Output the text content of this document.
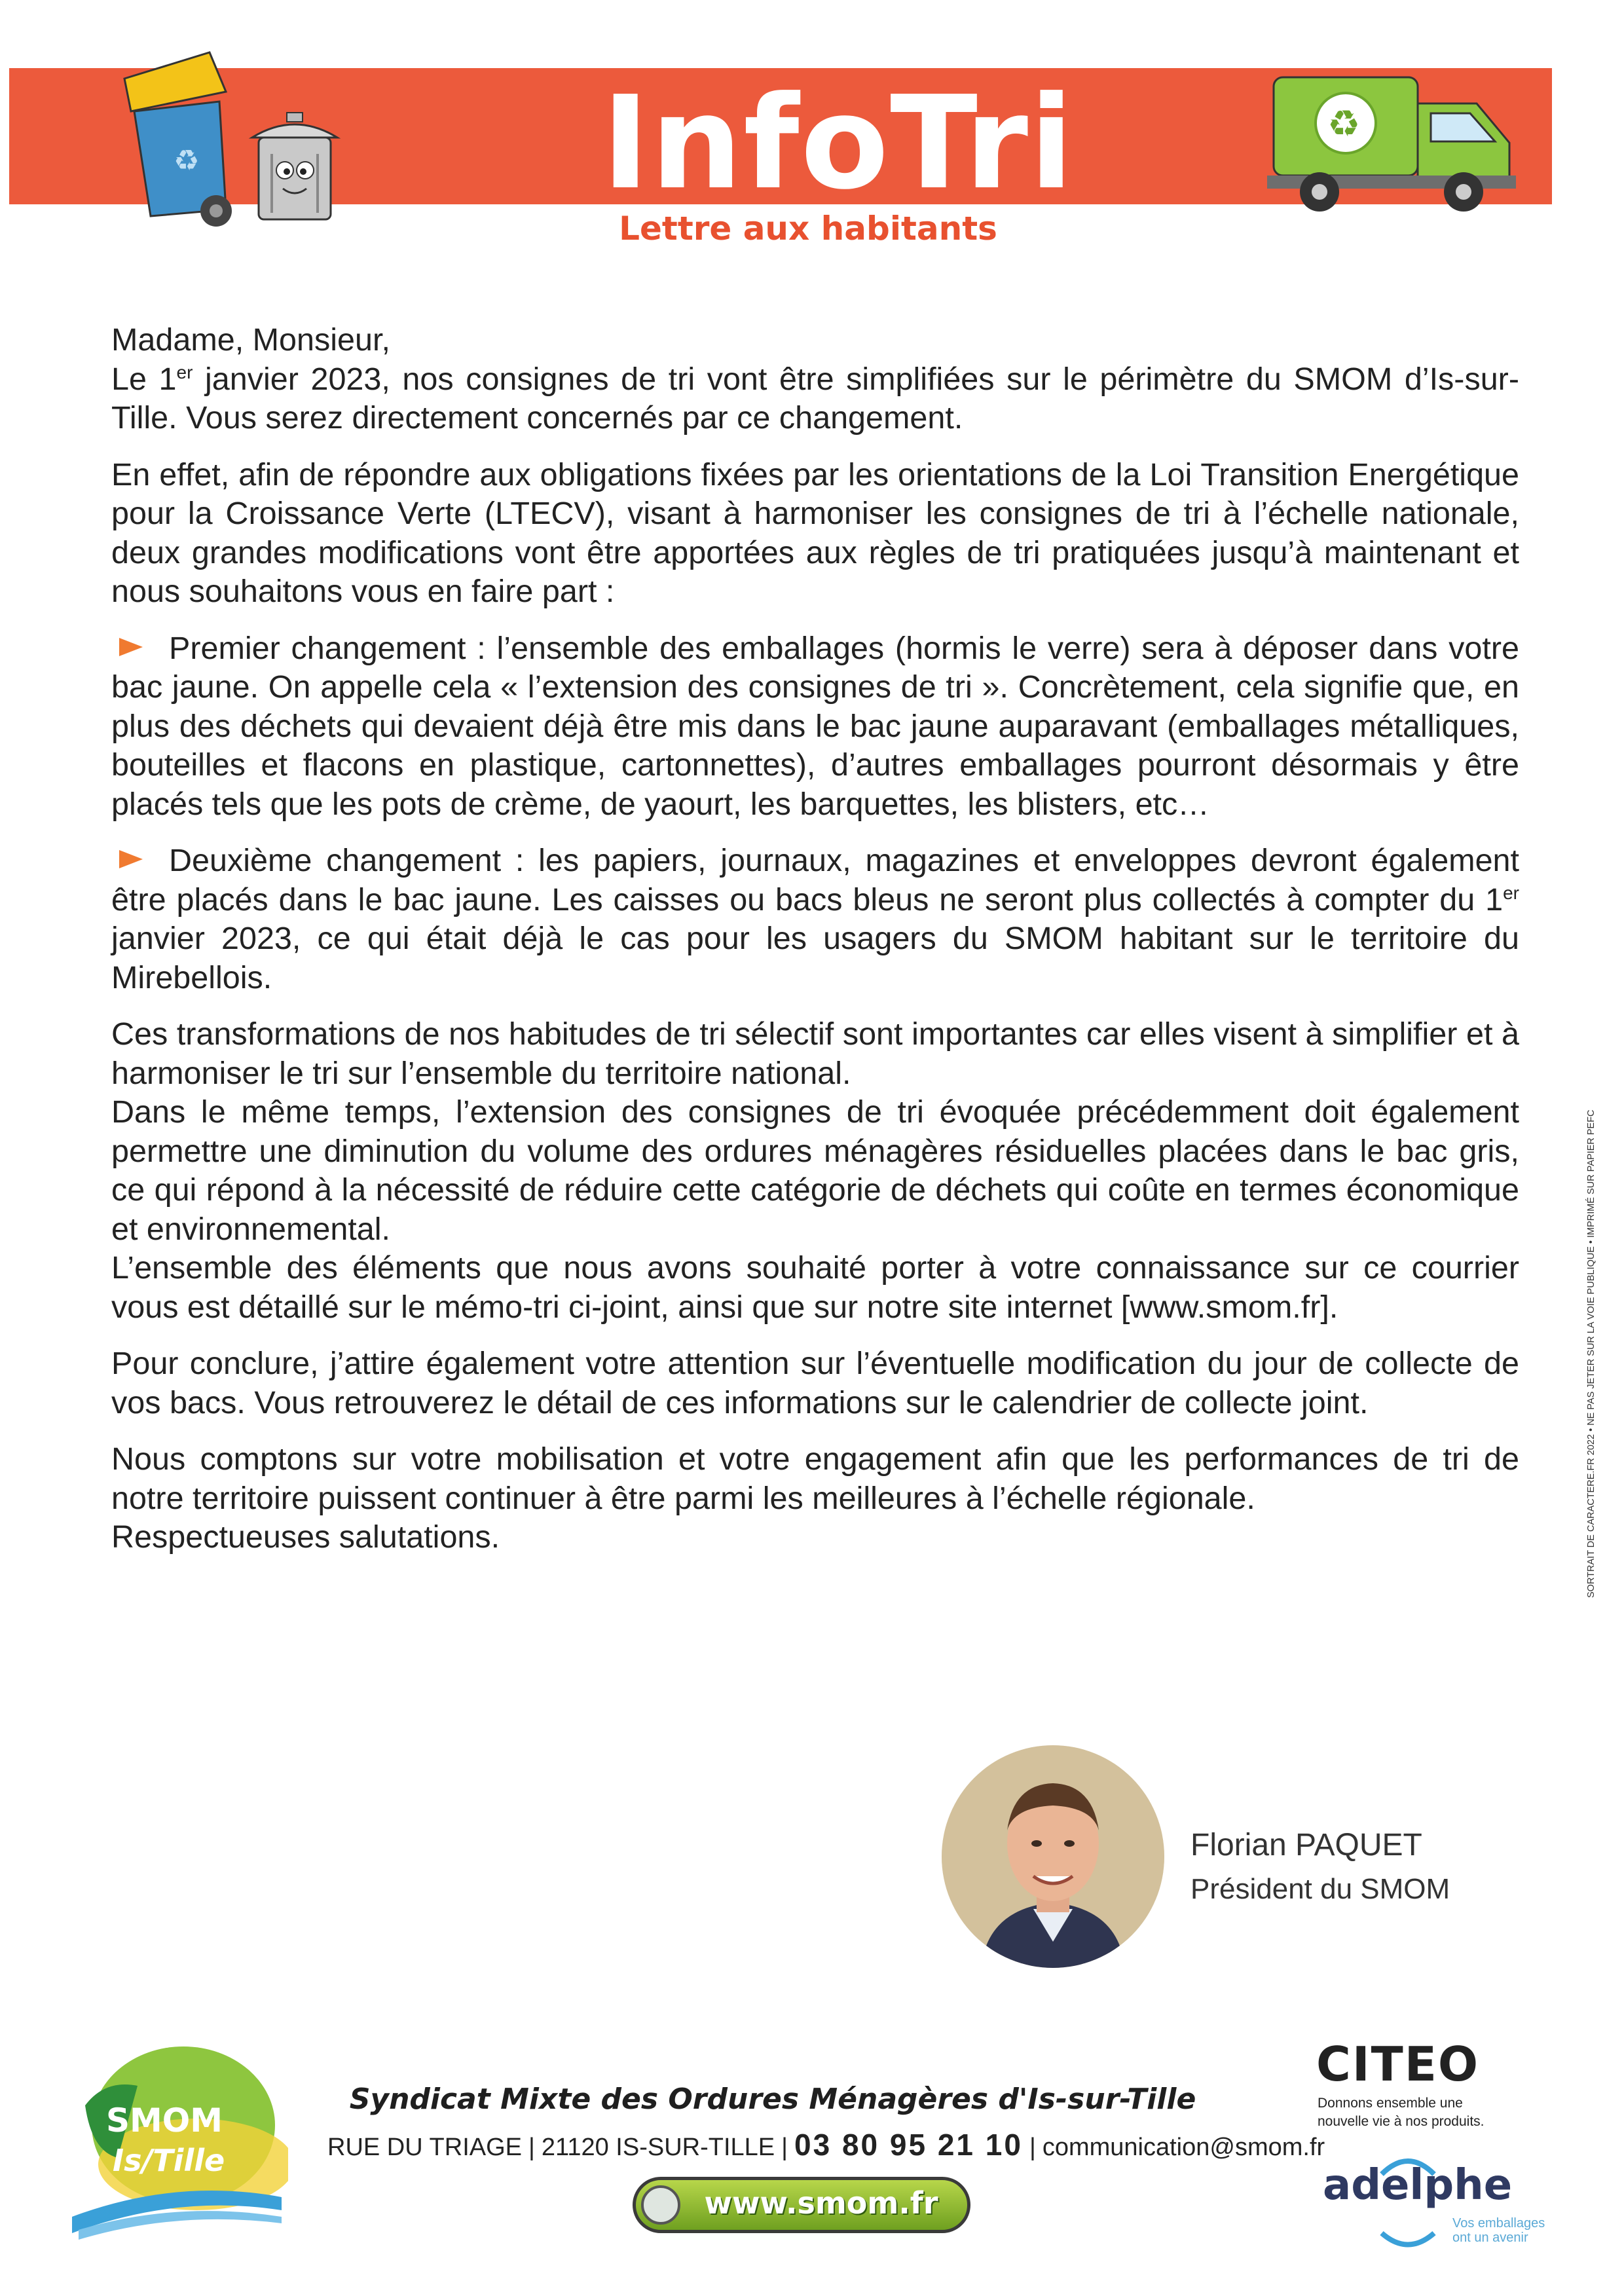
♻	InfoTri	♻
Lettre aux habitants

Madame, Monsieur,

Le 1er janvier 2023, nos consignes de tri vont être simplifiées sur le périmètre du SMOM d’Is-sur-Tille. Vous serez directement concernés par ce changement.

En effet, afin de répondre aux obligations fixées par les orientations de la Loi Transition Energétique pour la Croissance Verte (LTECV), visant à harmoniser les consignes de tri à l’échelle nationale, deux grandes modifications vont être apportées aux règles de tri pratiquées jusqu’à maintenant et nous souhaitons vous en faire part :

Premier changement : l’ensemble des emballages (hormis le verre) sera à déposer dans votre bac jaune. On appelle cela « l’extension des consignes de tri ». Concrètement, cela signifie que, en plus des déchets qui devaient déjà être mis dans le bac jaune auparavant (emballages métalliques, bouteilles et flacons en plastique, cartonnettes), d’autres emballages pourront désormais y être placés tels que les pots de crème, de yaourt, les barquettes, les blisters, etc…

Deuxième changement : les papiers, journaux, magazines et enveloppes devront également être placés dans le bac jaune. Les caisses ou bacs bleus ne seront plus collectés à compter du 1er janvier 2023, ce qui était déjà le cas pour les usagers du SMOM habitant sur le territoire du Mirebellois.

Ces transformations de nos habitudes de tri sélectif sont importantes car elles visent à simplifier et à harmoniser le tri sur l’ensemble du territoire national.

Dans le même temps, l’extension des consignes de tri évoquée précédemment doit également permettre une diminution du volume des ordures ménagères résiduelles placées dans le bac gris, ce qui répond à la nécessité de réduire cette catégorie de déchets qui coûte en termes économique et environnemental.

L’ensemble des éléments que nous avons souhaité porter à votre connaissance sur ce courrier vous est détaillé sur le mémo-tri ci-joint, ainsi que sur notre site internet [www.smom.fr].

Pour conclure, j’attire également votre attention sur l’éventuelle modification du jour de collecte de vos bacs. Vous retrouverez le détail de ces informations sur le calendrier de collecte joint.

Nous comptons sur votre mobilisation et votre engagement afin que les performances de tri de notre territoire puissent continuer à être parmi les meilleures à l’échelle régionale.

Respectueuses salutations.

Florian PAQUET
Président du SMOM
SMOM
Is/Tille
Syndicat Mixte des Ordures Ménagères d'Is-sur-Tille
RUE DU TRIAGE | 21120 IS-SUR-TILLE | 03 80 95 21 10 | communication@smom.fr
www.smom.fr
CITEO
Donnons ensemble une nouvelle vie à nos produits.
adelphe
Vos emballages ont un avenir
SORTRAIT DE CARACTERE.FR 2022 • NE PAS JETER SUR LA VOIE PUBLIQUE • IMPRIMÉ SUR PAPIER PEFC
